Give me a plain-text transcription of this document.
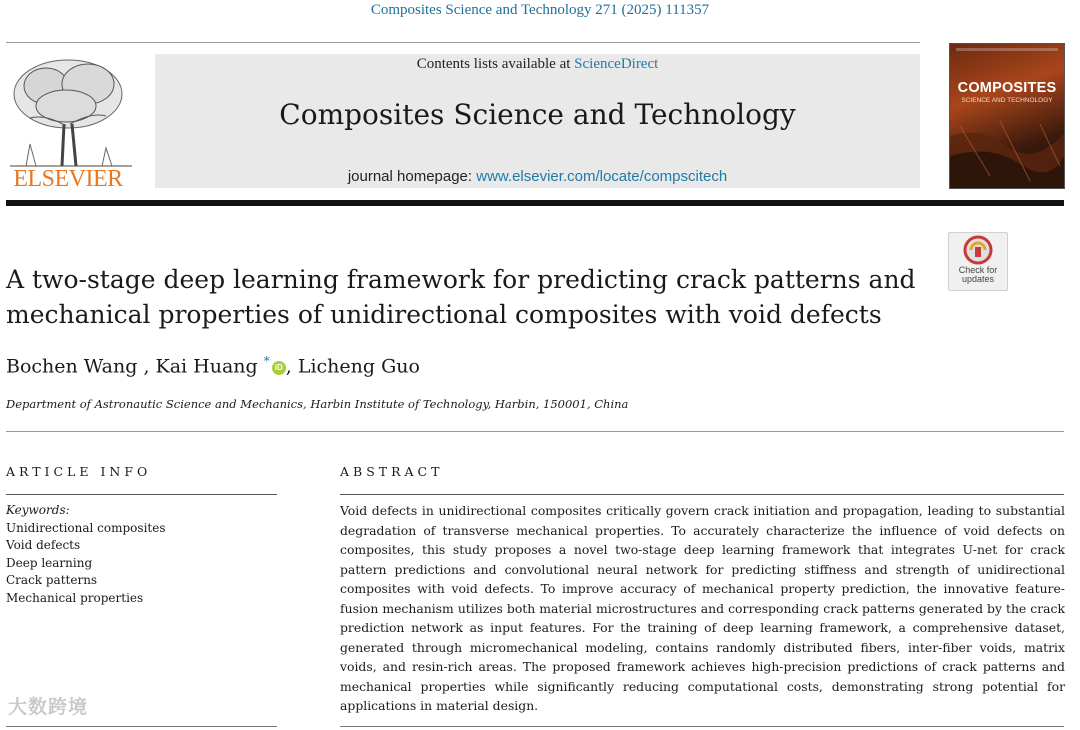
Composites Science and Technology 271 (2025) 111357
ELSEVIER
Contents lists available at ScienceDirect
Composites Science and Technology
journal homepage: www.elsevier.com/locate/compscitech
COMPOSITES
SCIENCE AND TECHNOLOGY
Check for
updates
A two-stage deep learning framework for predicting crack patterns and
mechanical properties of unidirectional composites with void defects
Bochen Wang , Kai Huang * iD , Licheng Guo
Department of Astronautic Science and Mechanics, Harbin Institute of Technology, Harbin, 150001, China
ARTICLE INFO	ABSTRACT
Keywords:
Unidirectional composites
Void defects
Deep learning
Crack patterns
Mechanical properties
Void defects in unidirectional composites critically govern crack initiation and propagation, leading to substantial degradation of transverse mechanical properties. To accurately characterize the influence of void defects on composites, this study proposes a novel two-stage deep learning framework that integrates U-net for crack pattern predictions and convolutional neural network for predicting stiffness and strength of unidirectional composites with void defects. To improve accuracy of mechanical property prediction, the innovative feature-fusion mechanism utilizes both material microstructures and corresponding crack patterns generated by the crack prediction network as input features. For the training of deep learning framework, a comprehensive dataset, generated through micromechanical modeling, contains randomly distributed fibers, inter-fiber voids, matrix voids, and resin-rich areas. The proposed framework achieves high-precision predictions of crack patterns and mechanical properties while significantly reducing computational costs, demonstrating strong potential for applications in material design.
大数跨境
